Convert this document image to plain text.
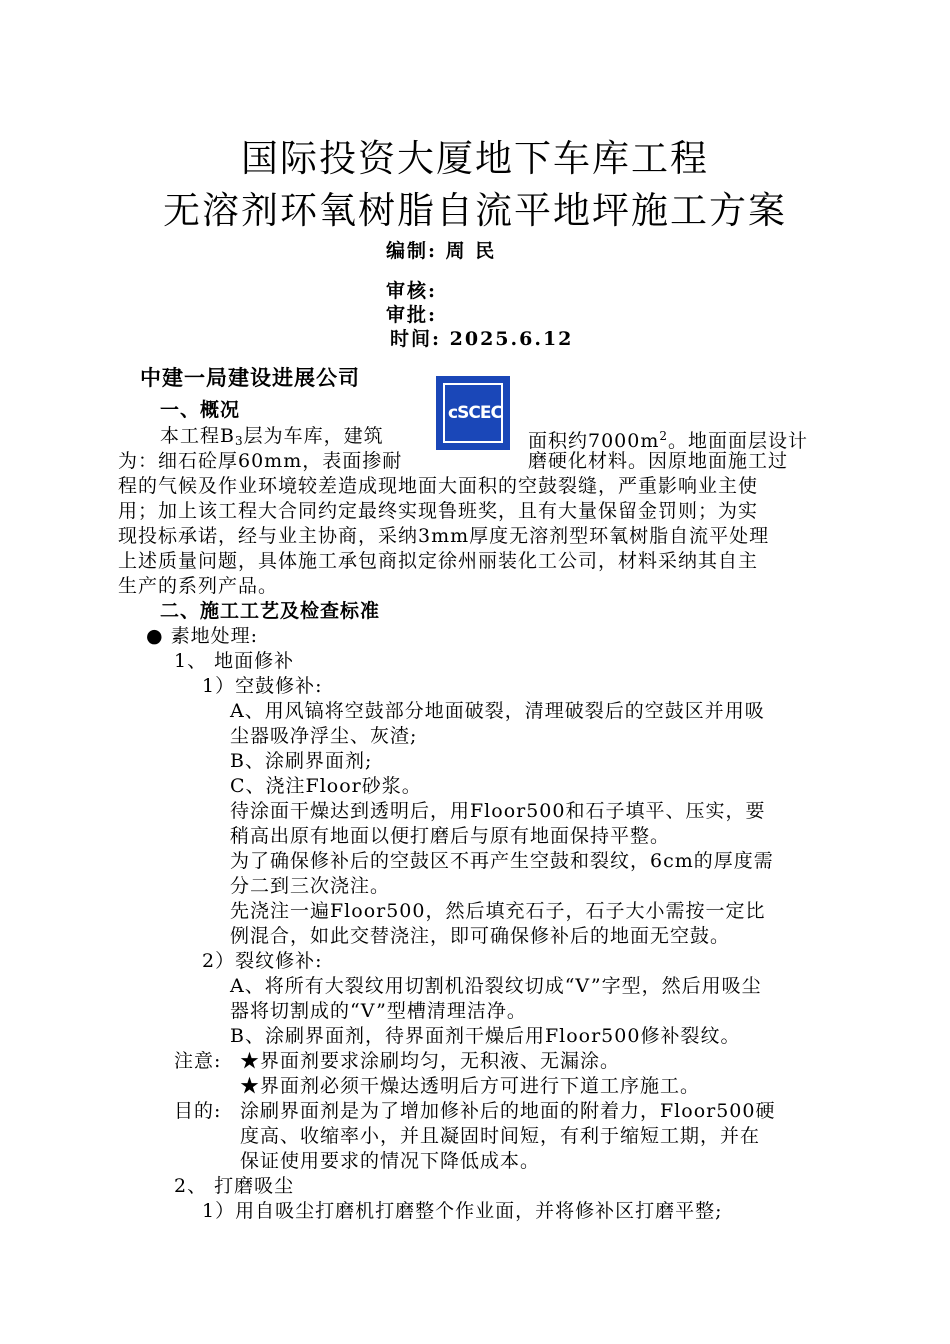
国际投资大厦地下车库工程
无溶剂环氧树脂自流平地坪施工方案
编制: 周 民
审核:
审批:
时间: 2025.6.12
中建一局建设进展公司
cSCEC
一、概况
本工程$B_3$层为车库，建筑	面积约$7000m^2$。地面面层设计
为：细石砼厚60mm，表面掺耐	磨硬化材料。因原地面施工过
程的气候及作业环境较差造成现地面大面积的空鼓裂缝，严重影响业主使
用；加上该工程大合同约定最终实现鲁班奖，且有大量保留金罚则；为实
现投标承诺，经与业主协商，采纳3mm厚度无溶剂型环氧树脂自流平处理
上述质量问题，具体施工承包商拟定徐州丽装化工公司，材料采纳其自主
生产的系列产品。
二、施工工艺及检查标准
● 素地处理:
1、 地面修补
1）空鼓修补:
A、用风镐将空鼓部分地面破裂，清理破裂后的空鼓区并用吸
尘器吸净浮尘、灰渣;
B、涂刷界面剂;
C、浇注Floor砂浆。
待涂面干燥达到透明后，用Floor500和石子填平、压实，要
稍高出原有地面以便打磨后与原有地面保持平整。
为了确保修补后的空鼓区不再产生空鼓和裂纹，6cm的厚度需
分二到三次浇注。
先浇注一遍Floor500，然后填充石子，石子大小需按一定比
例混合，如此交替浇注，即可确保修补后的地面无空鼓。
2）裂纹修补:
A、将所有大裂纹用切割机沿裂纹切成“V”字型，然后用吸尘
器将切割成的“V”型槽清理洁净。
B、涂刷界面剂，待界面剂干燥后用Floor500修补裂纹。
注意: ★界面剂要求涂刷均匀，无积液、无漏涂。
★界面剂必须干燥达透明后方可进行下道工序施工。
目的: 涂刷界面剂是为了增加修补后的地面的附着力，Floor500硬
度高、收缩率小，并且凝固时间短，有利于缩短工期，并在
保证使用要求的情况下降低成本。
2、 打磨吸尘
1）用自吸尘打磨机打磨整个作业面，并将修补区打磨平整;
